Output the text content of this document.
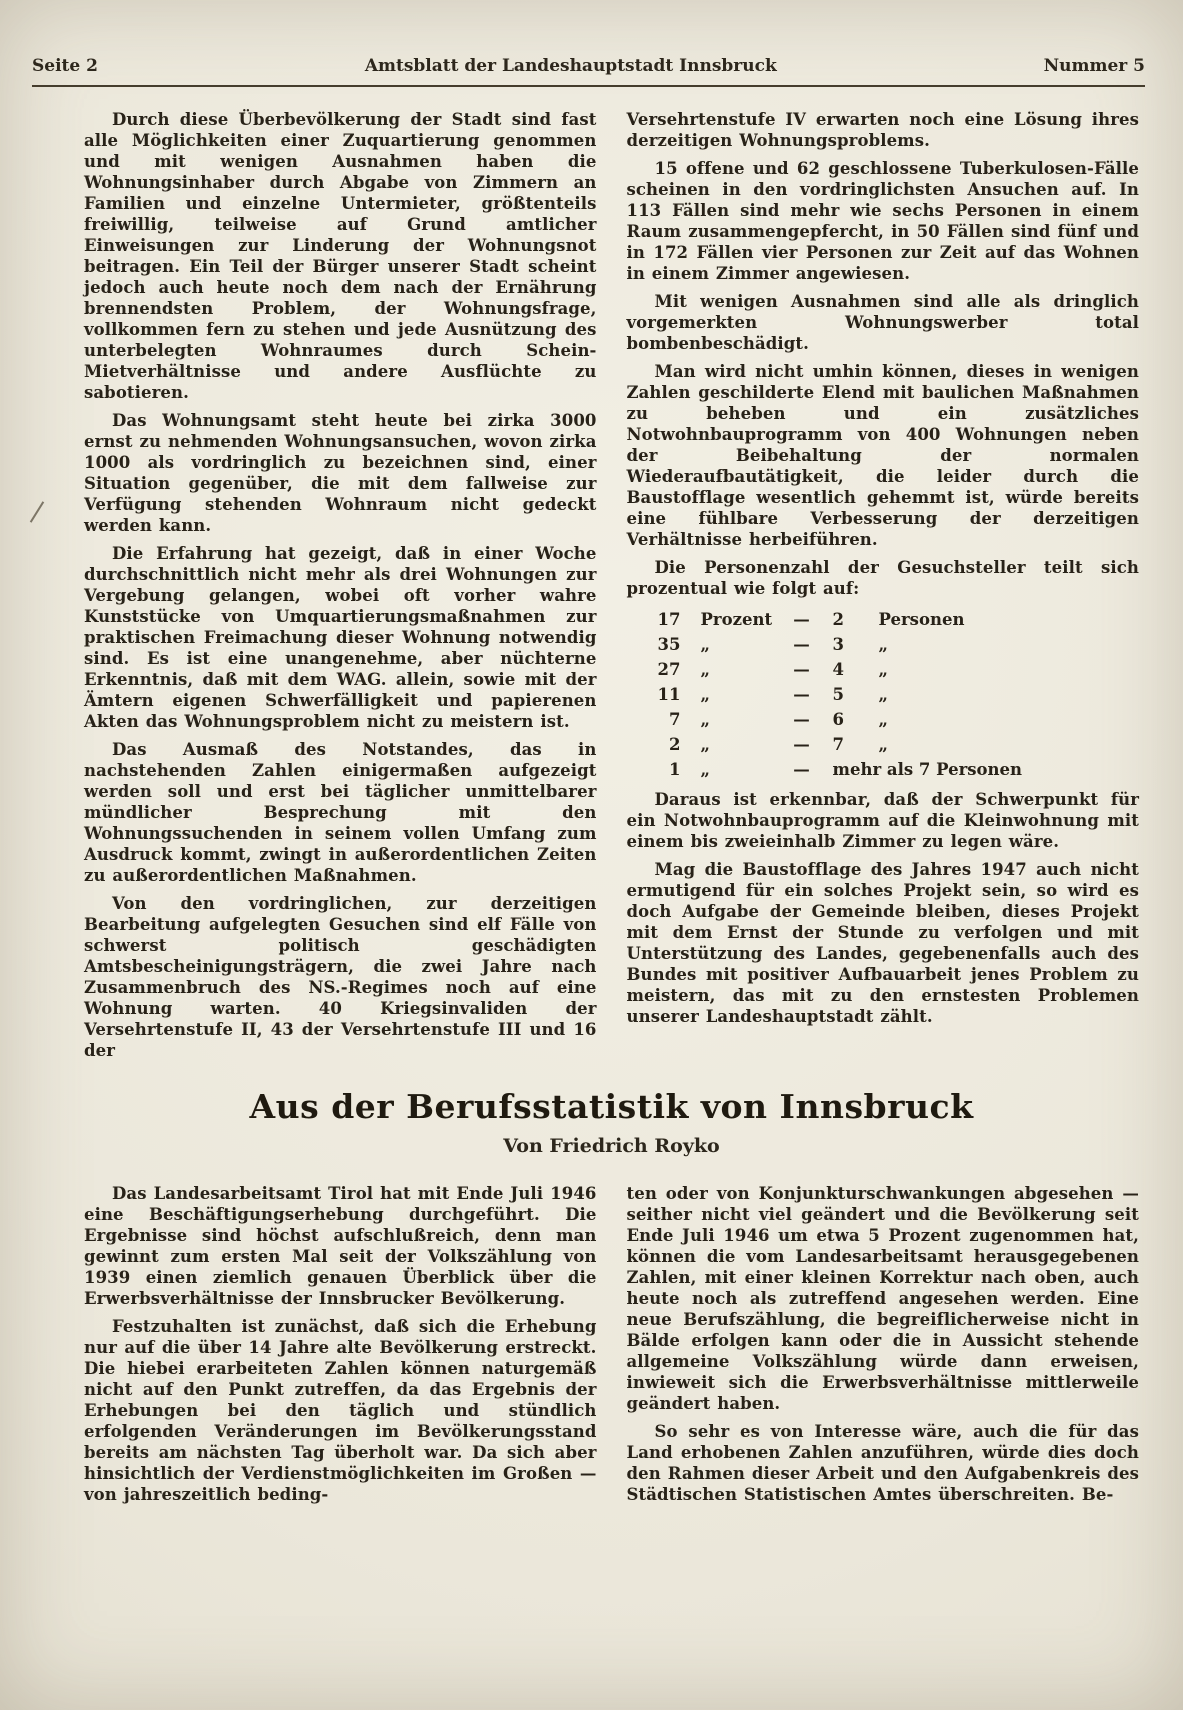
Seite 2	Amtsblatt der Landeshauptstadt Innsbruck	Nummer 5

Durch diese Überbevölkerung der Stadt sind fast alle Möglichkeiten einer Zuquartierung genommen und mit wenigen Ausnahmen haben die Wohnungsinhaber durch Abgabe von Zimmern an Familien und einzelne Untermieter, größtenteils freiwillig, teilweise auf Grund amtlicher Einweisungen zur Linderung der Wohnungsnot beitragen. Ein Teil der Bürger unserer Stadt scheint jedoch auch heute noch dem nach der Ernährung brennendsten Problem, der Wohnungsfrage, vollkommen fern zu stehen und jede Ausnützung des unterbelegten Wohnraumes durch Schein-Mietverhältnisse und andere Ausflüchte zu sabotieren.

Das Wohnungsamt steht heute bei zirka 3000 ernst zu nehmenden Wohnungsansuchen, wovon zirka 1000 als vordringlich zu bezeichnen sind, einer Situation gegenüber, die mit dem fallweise zur Verfügung stehenden Wohnraum nicht gedeckt werden kann.

Die Erfahrung hat gezeigt, daß in einer Woche durchschnittlich nicht mehr als drei Wohnungen zur Vergebung gelangen, wobei oft vorher wahre Kunststücke von Umquartierungsmaßnahmen zur praktischen Freimachung dieser Wohnung notwendig sind. Es ist eine unangenehme, aber nüchterne Erkenntnis, daß mit dem WAG. allein, sowie mit der Ämtern eigenen Schwerfälligkeit und papierenen Akten das Wohnungsproblem nicht zu meistern ist.

Das Ausmaß des Notstandes, das in nachstehenden Zahlen einigermaßen aufgezeigt werden soll und erst bei täglicher unmittelbarer mündlicher Besprechung mit den Wohnungssuchenden in seinem vollen Umfang zum Ausdruck kommt, zwingt in außerordentlichen Zeiten zu außerordentlichen Maßnahmen.

Von den vordringlichen, zur derzeitigen Bearbeitung aufgelegten Gesuchen sind elf Fälle von schwerst politisch geschädigten Amtsbescheinigungsträgern, die zwei Jahre nach Zusammenbruch des NS.-Regimes noch auf eine Wohnung warten. 40 Kriegsinvaliden der Versehrtenstufe II, 43 der Versehrtenstufe III und 16 der

Versehrtenstufe IV erwarten noch eine Lösung ihres derzeitigen Wohnungsproblems.

15 offene und 62 geschlossene Tuberkulosen-Fälle scheinen in den vordringlichsten Ansuchen auf. In 113 Fällen sind mehr wie sechs Personen in einem Raum zusammengepfercht, in 50 Fällen sind fünf und in 172 Fällen vier Personen zur Zeit auf das Wohnen in einem Zimmer angewiesen.

Mit wenigen Ausnahmen sind alle als dringlich vorgemerkten Wohnungswerber total bombenbeschädigt.

Man wird nicht umhin können, dieses in wenigen Zahlen geschilderte Elend mit baulichen Maßnahmen zu beheben und ein zusätzliches Notwohnbauprogramm von 400 Wohnungen neben der Beibehaltung der normalen Wiederaufbautätigkeit, die leider durch die Baustofflage wesentlich gehemmt ist, würde bereits eine fühlbare Verbesserung der derzeitigen Verhältnisse herbeiführen.

Die Personenzahl der Gesuchsteller teilt sich prozentual wie folgt auf:

17	Prozent	—	2	Personen
35	„	—	3	„
27	„	—	4	„
11	„	—	5	„
7	„	—	6	„
2	„	—	7	„
1	„	—	mehr als 7 Personen

Daraus ist erkennbar, daß der Schwerpunkt für ein Notwohnbauprogramm auf die Kleinwohnung mit einem bis zweieinhalb Zimmer zu legen wäre.

Mag die Baustofflage des Jahres 1947 auch nicht ermutigend für ein solches Projekt sein, so wird es doch Aufgabe der Gemeinde bleiben, dieses Projekt mit dem Ernst der Stunde zu verfolgen und mit Unterstützung des Landes, gegebenenfalls auch des Bundes mit positiver Aufbauarbeit jenes Problem zu meistern, das mit zu den ernstesten Problemen unserer Landeshauptstadt zählt.

Aus der Berufsstatistik von Innsbruck
Von Friedrich Royko

Das Landesarbeitsamt Tirol hat mit Ende Juli 1946 eine Beschäftigungserhebung durchgeführt. Die Ergebnisse sind höchst aufschlußreich, denn man gewinnt zum ersten Mal seit der Volkszählung von 1939 einen ziemlich genauen Überblick über die Erwerbsverhältnisse der Innsbrucker Bevölkerung.

Festzuhalten ist zunächst, daß sich die Erhebung nur auf die über 14 Jahre alte Bevölkerung erstreckt. Die hiebei erarbeiteten Zahlen können naturgemäß nicht auf den Punkt zutreffen, da das Ergebnis der Erhebungen bei den täglich und stündlich erfolgenden Veränderungen im Bevölkerungsstand bereits am nächsten Tag überholt war. Da sich aber hinsichtlich der Verdienstmöglichkeiten im Großen — von jahreszeitlich beding-

ten oder von Konjunkturschwankungen abgesehen — seither nicht viel geändert und die Bevölkerung seit Ende Juli 1946 um etwa 5 Prozent zugenommen hat, können die vom Landesarbeitsamt herausgegebenen Zahlen, mit einer kleinen Korrektur nach oben, auch heute noch als zutreffend angesehen werden. Eine neue Berufszählung, die begreiflicherweise nicht in Bälde erfolgen kann oder die in Aussicht stehende allgemeine Volkszählung würde dann erweisen, inwieweit sich die Erwerbsverhältnisse mittlerweile geändert haben.

So sehr es von Interesse wäre, auch die für das Land erhobenen Zahlen anzuführen, würde dies doch den Rahmen dieser Arbeit und den Aufgabenkreis des Städtischen Statistischen Amtes überschreiten. Be-
